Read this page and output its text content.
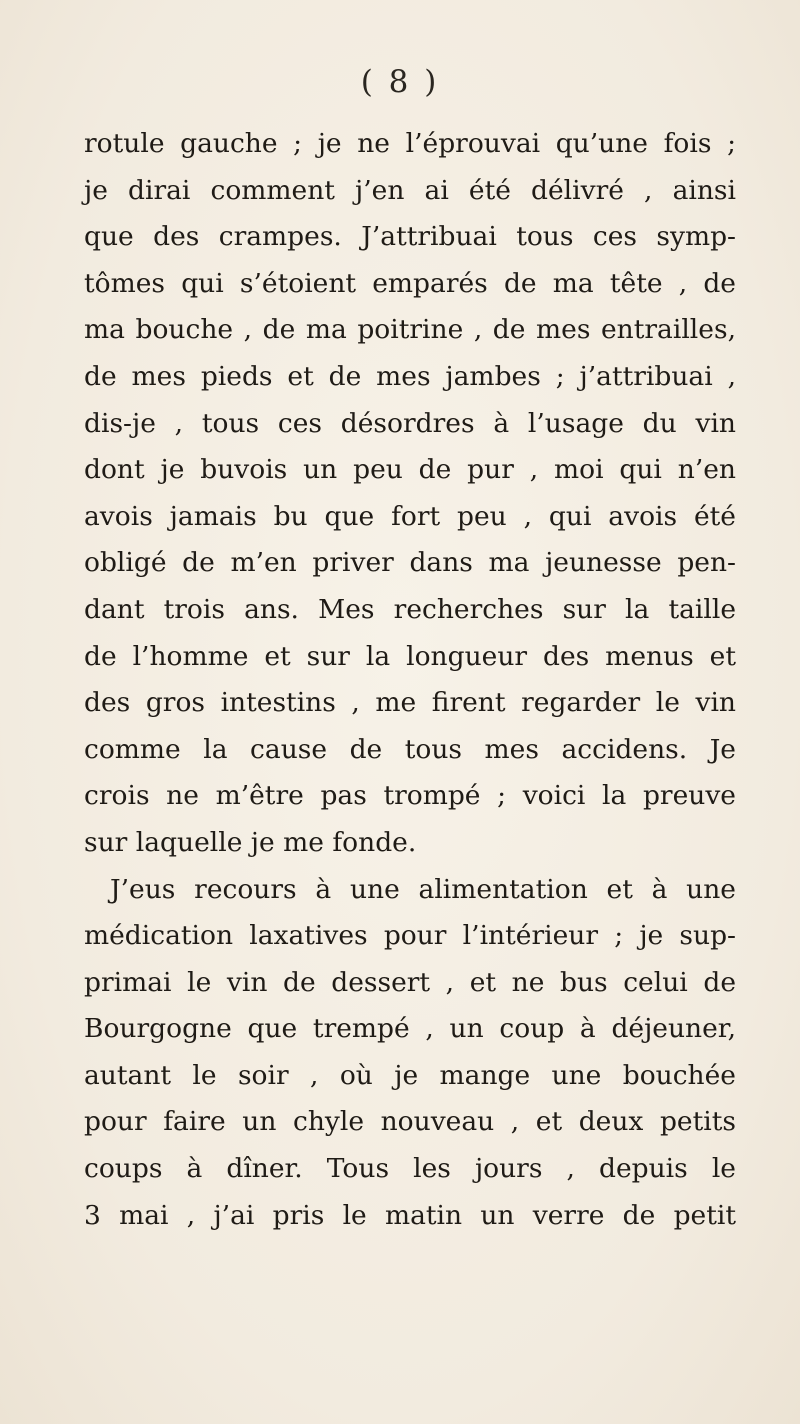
( 8 )
rotule gauche ; je ne l’éprouvai qu’une fois ;
je dirai comment j’en ai été délivré , ainsi
que des crampes. J’attribuai tous ces symp-
tômes qui s’étoient emparés de ma tête , de
ma bouche , de ma poitrine , de mes entrailles,
de mes pieds et de mes jambes ; j’attribuai ,
dis-je , tous ces désordres à l’usage du vin
dont je buvois un peu de pur , moi qui n’en
avois jamais bu que fort peu , qui avois été
obligé de m’en priver dans ma jeunesse pen-
dant trois ans. Mes recherches sur la taille
de l’homme et sur la longueur des menus et
des gros intestins , me firent regarder le vin
comme la cause de tous mes accidens. Je
crois ne m’être pas trompé ; voici la preuve
sur laquelle je me fonde.
J’eus recours à une alimentation et à une
médication laxatives pour l’intérieur ; je sup-
primai le vin de dessert , et ne bus celui de
Bourgogne que trempé , un coup à déjeuner,
autant le soir , où je mange une bouchée
pour faire un chyle nouveau , et deux petits
coups à dîner. Tous les jours , depuis le
3 mai , j’ai pris le matin un verre de petit
